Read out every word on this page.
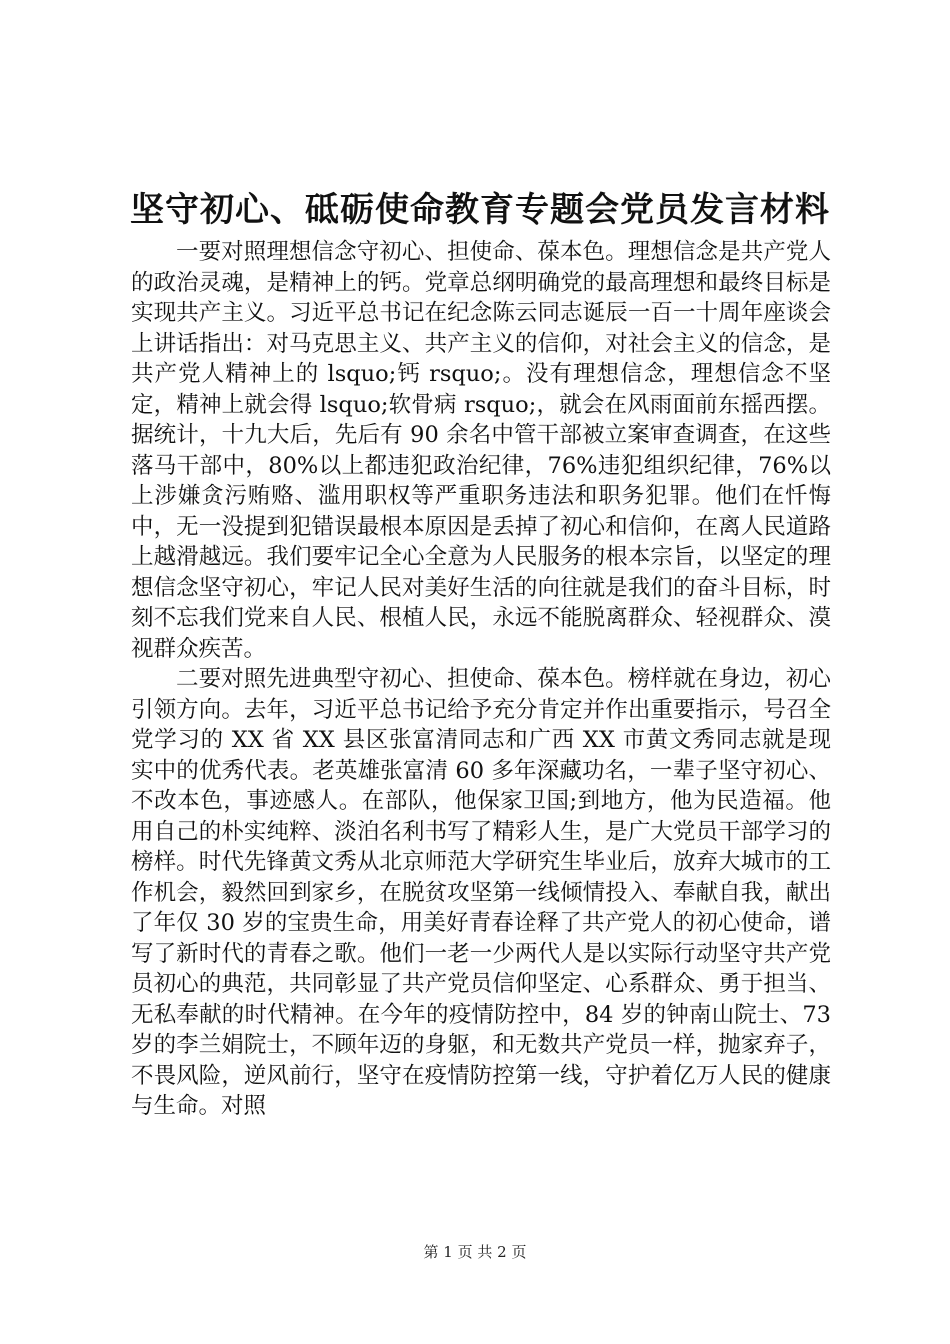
坚守初心、砥砺使命教育专题会党员发言材料

一要对照理想信念守初心、担使命、葆本色。理想信念是共产党人的政治灵魂，是精神上的钙。党章总纲明确党的最高理想和最终目标是实现共产主义。习近平总书记在纪念陈云同志诞辰一百一十周年座谈会上讲话指出：对马克思主义、共产主义的信仰，对社会主义的信念，是共产党人精神上的 lsquo;钙 rsquo;。没有理想信念，理想信念不坚定，精神上就会得 lsquo;软骨病 rsquo;，就会在风雨面前东摇西摆。据统计，十九大后，先后有 90 余名中管干部被立案审查调查，在这些落马干部中，80%以上都违犯政治纪律，76%违犯组织纪律，76%以上涉嫌贪污贿赂、滥用职权等严重职务违法和职务犯罪。他们在忏悔中，无一没提到犯错误最根本原因是丢掉了初心和信仰，在离人民道路上越滑越远。我们要牢记全心全意为人民服务的根本宗旨，以坚定的理想信念坚守初心，牢记人民对美好生活的向往就是我们的奋斗目标，时刻不忘我们党来自人民、根植人民，永远不能脱离群众、轻视群众、漠视群众疾苦。

二要对照先进典型守初心、担使命、葆本色。榜样就在身边，初心引领方向。去年，习近平总书记给予充分肯定并作出重要指示，号召全党学习的 XX 省 XX 县区张富清同志和广西 XX 市黄文秀同志就是现实中的优秀代表。老英雄张富清 60 多年深藏功名，一辈子坚守初心、不改本色，事迹感人。在部队，他保家卫国;到地方，他为民造福。他用自己的朴实纯粹、淡泊名利书写了精彩人生，是广大党员干部学习的榜样。时代先锋黄文秀从北京师范大学研究生毕业后，放弃大城市的工作机会，毅然回到家乡，在脱贫攻坚第一线倾情投入、奉献自我，献出了年仅 30 岁的宝贵生命，用美好青春诠释了共产党人的初心使命，谱写了新时代的青春之歌。他们一老一少两代人是以实际行动坚守共产党员初心的典范，共同彰显了共产党员信仰坚定、心系群众、勇于担当、无私奉献的时代精神。在今年的疫情防控中，84 岁的钟南山院士、73 岁的李兰娟院士，不顾年迈的身躯，和无数共产党员一样，抛家弃子，不畏风险，逆风前行，坚守在疫情防控第一线，守护着亿万人民的健康与生命。对照

第 1 页 共 2 页
